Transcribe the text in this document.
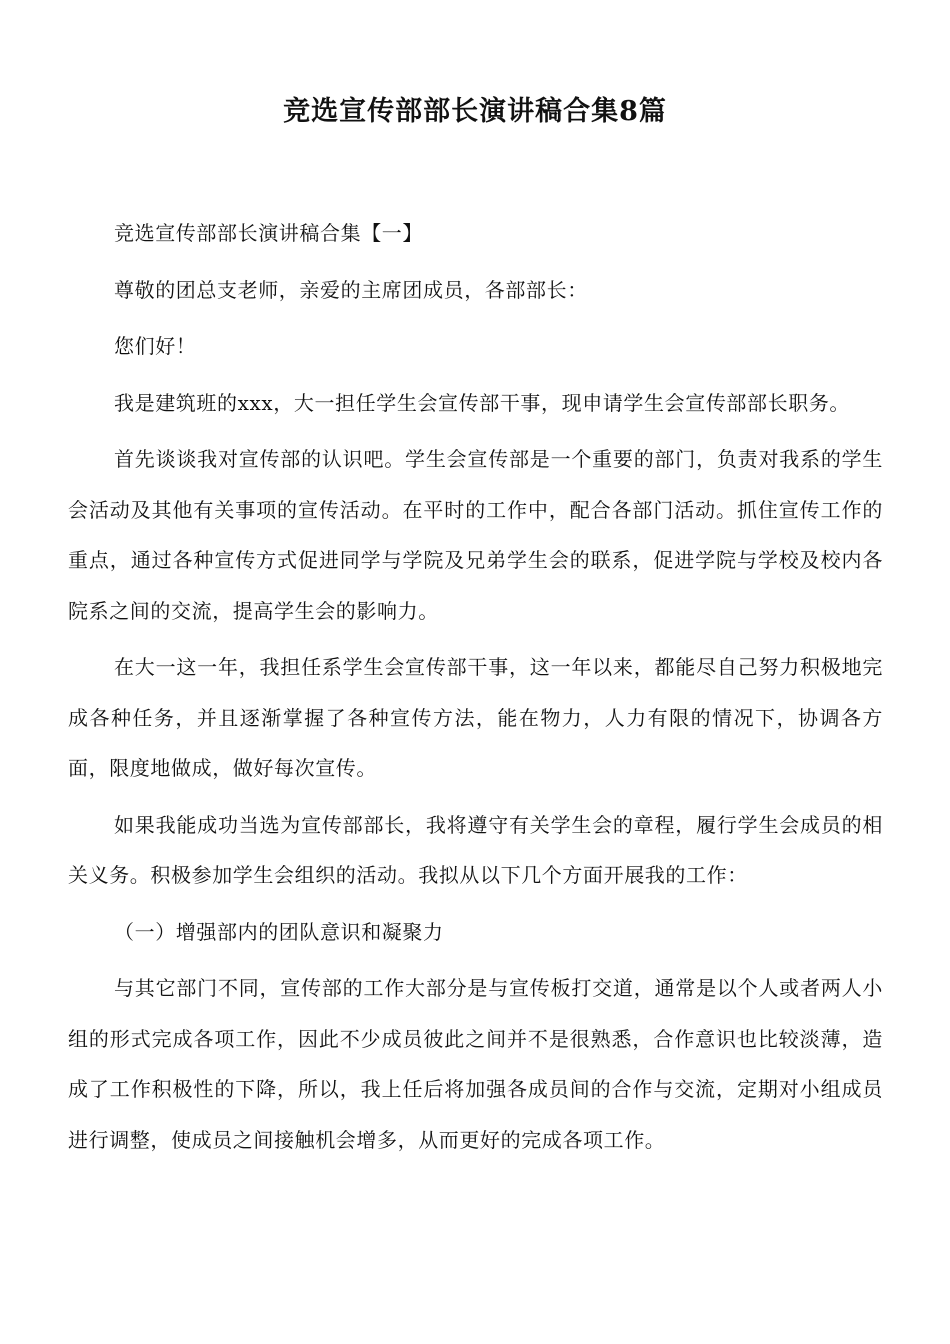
竞选宣传部部长演讲稿合集8篇

竞选宣传部部长演讲稿合集【一】

尊敬的团总支老师，亲爱的主席团成员，各部部长：

您们好！

我是建筑班的xxx，大一担任学生会宣传部干事，现申请学生会宣传部部长职务。

首先谈谈我对宣传部的认识吧。学生会宣传部是一个重要的部门，负责对我系的学生会活动及其他有关事项的宣传活动。在平时的工作中，配合各部门活动。抓住宣传工作的重点，通过各种宣传方式促进同学与学院及兄弟学生会的联系，促进学院与学校及校内各院系之间的交流，提高学生会的影响力。

在大一这一年，我担任系学生会宣传部干事，这一年以来，都能尽自己努力积极地完成各种任务，并且逐渐掌握了各种宣传方法，能在物力，人力有限的情况下，协调各方面，限度地做成，做好每次宣传。

如果我能成功当选为宣传部部长，我将遵守有关学生会的章程，履行学生会成员的相关义务。积极参加学生会组织的活动。我拟从以下几个方面开展我的工作：

（一）增强部内的团队意识和凝聚力

与其它部门不同，宣传部的工作大部分是与宣传板打交道，通常是以个人或者两人小组的形式完成各项工作，因此不少成员彼此之间并不是很熟悉，合作意识也比较淡薄，造成了工作积极性的下降，所以，我上任后将加强各成员间的合作与交流，定期对小组成员进行调整，使成员之间接触机会增多，从而更好的完成各项工作。
